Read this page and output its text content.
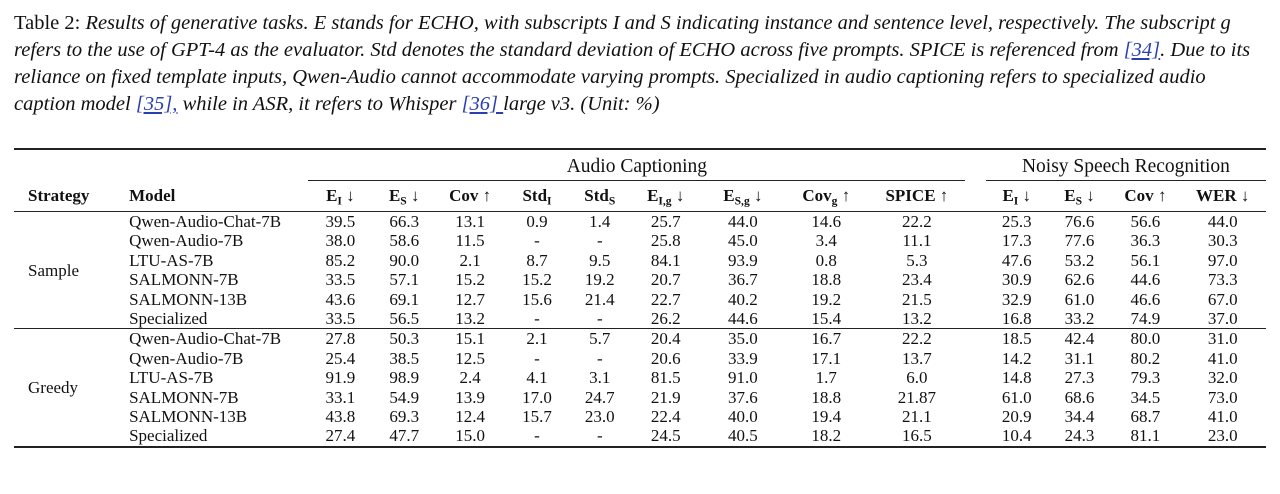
Table 2: Results of generative tasks. E stands for ECHO, with subscripts I and S indicating instance and sentence level, respectively. The subscript g refers to the use of GPT-4 as the evaluator. Std denotes the standard deviation of ECHO across five prompts. SPICE is referenced from [34]. Due to its reliance on fixed template inputs, Qwen-Audio cannot accommodate varying prompts. Specialized in audio captioning refers to specialized audio caption model [35], while in ASR, it refers to Whisper [36] large v3. (Unit: %)
		Audio Captioning										Noisy Speech Recognition			
Strategy	Model	$E_I$ ↓	$E_S$ ↓	Cov ↑	Std$_I$	Std$_S$	$E_{I,g}$ ↓	$E_{S,g}$ ↓	Cov$_g$ ↑	SPICE ↑		$E_I$ ↓	$E_S$ ↓	Cov ↑	WER ↓
Sample	Qwen-Audio-Chat-7B	39.5	66.3	13.1	0.9	1.4	25.7	44.0	14.6	22.2		25.3	76.6	56.6	44.0
	Qwen-Audio-7B	38.0	58.6	11.5	-	-	25.8	45.0	3.4	11.1		17.3	77.6	36.3	30.3
	LTU-AS-7B	85.2	90.0	2.1	8.7	9.5	84.1	93.9	0.8	5.3		47.6	53.2	56.1	97.0
	SALMONN-7B	33.5	57.1	15.2	15.2	19.2	20.7	36.7	18.8	23.4		30.9	62.6	44.6	73.3
	SALMONN-13B	43.6	69.1	12.7	15.6	21.4	22.7	40.2	19.2	21.5		32.9	61.0	46.6	67.0
	Specialized	33.5	56.5	13.2	-	-	26.2	44.6	15.4	13.2		16.8	33.2	74.9	37.0
Greedy	Qwen-Audio-Chat-7B	27.8	50.3	15.1	2.1	5.7	20.4	35.0	16.7	22.2		18.5	42.4	80.0	31.0
	Qwen-Audio-7B	25.4	38.5	12.5	-	-	20.6	33.9	17.1	13.7		14.2	31.1	80.2	41.0
	LTU-AS-7B	91.9	98.9	2.4	4.1	3.1	81.5	91.0	1.7	6.0		14.8	27.3	79.3	32.0
	SALMONN-7B	33.1	54.9	13.9	17.0	24.7	21.9	37.6	18.8	21.87		61.0	68.6	34.5	73.0
	SALMONN-13B	43.8	69.3	12.4	15.7	23.0	22.4	40.0	19.4	21.1		20.9	34.4	68.7	41.0
	Specialized	27.4	47.7	15.0	-	-	24.5	40.5	18.2	16.5		10.4	24.3	81.1	23.0
